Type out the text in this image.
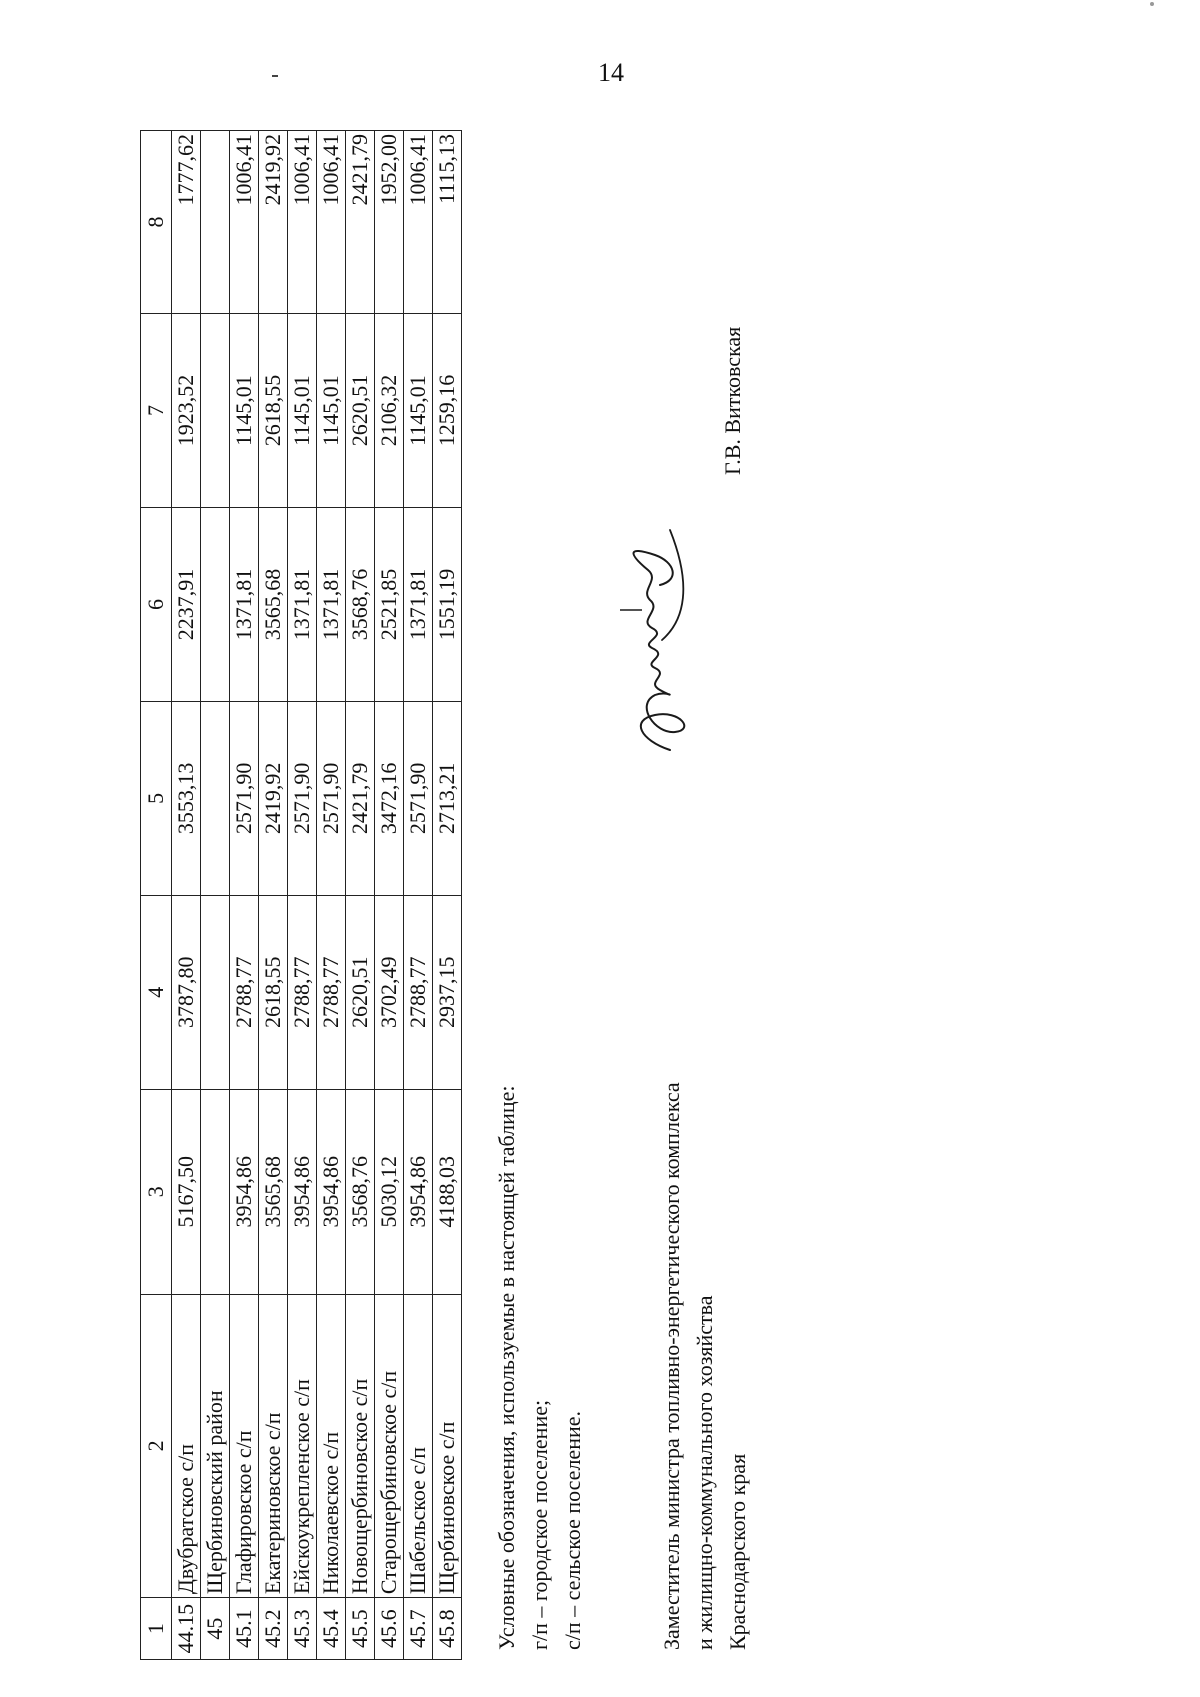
14
1	2	3	4	5	6	7	8
44.15	Двубратское с/п	5167,50	3787,80	3553,13	2237,91	1923,52	1777,62
45	Щербиновский район						
45.1	Глафировское с/п	3954,86	2788,77	2571,90	1371,81	1145,01	1006,41
45.2	Екатериновское с/п	3565,68	2618,55	2419,92	3565,68	2618,55	2419,92
45.3	Ейскоукрепленское с/п	3954,86	2788,77	2571,90	1371,81	1145,01	1006,41
45.4	Николаевское с/п	3954,86	2788,77	2571,90	1371,81	1145,01	1006,41
45.5	Новощербиновское с/п	3568,76	2620,51	2421,79	3568,76	2620,51	2421,79
45.6	Старощербиновское с/п	5030,12	3702,49	3472,16	2521,85	2106,32	1952,00
45.7	Шабельское с/п	3954,86	2788,77	2571,90	1371,81	1145,01	1006,41
45.8	Щербиновское с/п	4188,03	2937,15	2713,21	1551,19	1259,16	1115,13
Условные обозначения, используемые в настоящей таблице: г/п – городское поселение; с/п – сельское поселение.	Заместитель министра топливно-энергетического комплекса и жилищно-коммунального хозяйства Краснодарского края
Г.В. Витковская
